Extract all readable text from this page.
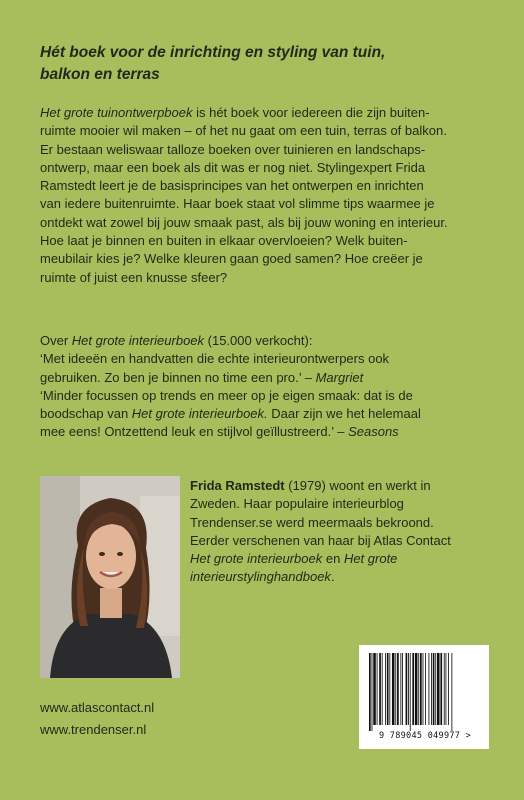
Hét boek voor de inrichting en styling van tuin,
balkon en terras
Het grote tuinontwerpboek is hét boek voor iedereen die zijn buiten-
ruimte mooier wil maken – of het nu gaat om een tuin, terras of balkon.
Er bestaan weliswaar talloze boeken over tuinieren en landschaps-
ontwerp, maar een boek als dit was er nog niet. Stylingexpert Frida
Ramstedt leert je de basisprincipes van het ontwerpen en inrichten
van iedere buitenruimte. Haar boek staat vol slimme tips waarmee je
ontdekt wat zowel bij jouw smaak past, als bij jouw woning en interieur.
Hoe laat je binnen en buiten in elkaar overvloeien? Welk buiten-
meubilair kies je? Welke kleuren gaan goed samen? Hoe creëer je
ruimte of juist een knusse sfeer?
Over Het grote interieurboek (15.000 verkocht):
‘Met ideeën en handvatten die echte interieurontwerpers ook
gebruiken. Zo ben je binnen no time een pro.’ – Margriet
‘Minder focussen op trends en meer op je eigen smaak: dat is de
boodschap van Het grote interieurboek. Daar zijn we het helemaal
mee eens! Ontzettend leuk en stijlvol geïllustreerd.’ – Seasons
Frida Ramstedt (1979) woont en werkt in
Zweden. Haar populaire interieurblog
Trendenser.se werd meermaals bekroond.
Eerder verschenen van haar bij Atlas Contact
Het grote interieurboek en Het grote
interieurstylinghandboek.
www.atlascontact.nl
www.trendenser.nl	9 789045 049977 >
